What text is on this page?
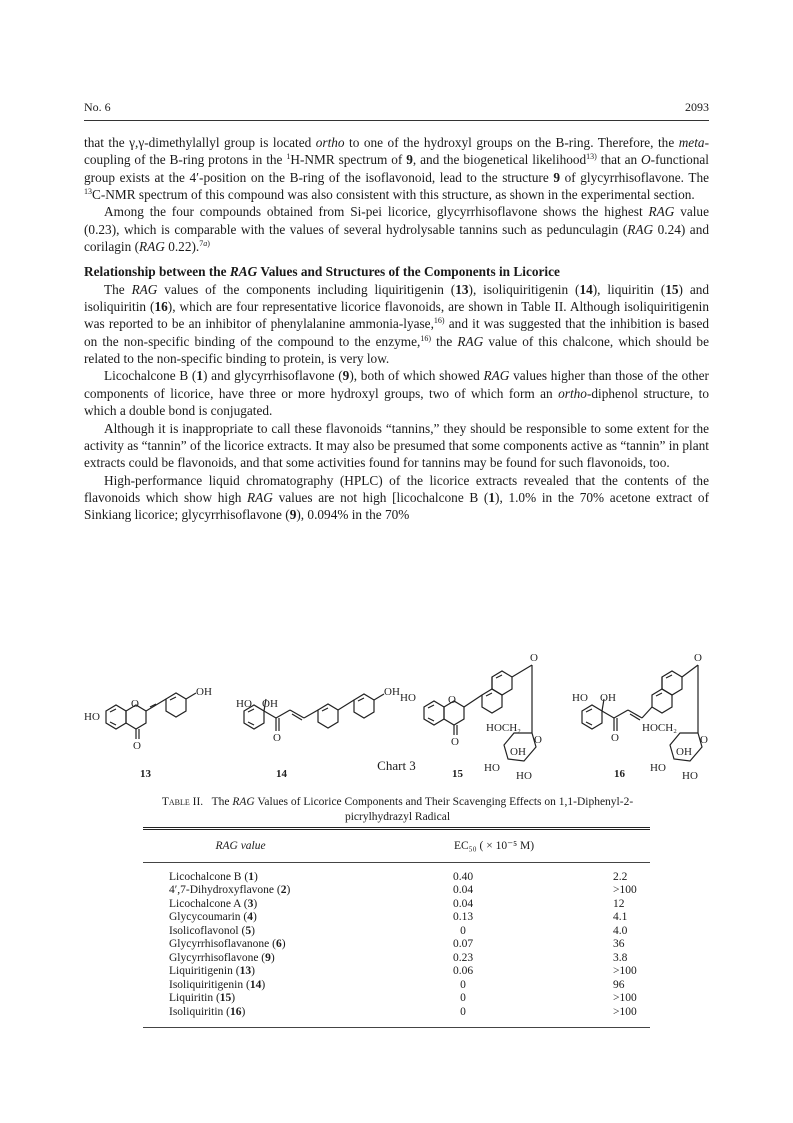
No. 6	2093

that the γ,γ-dimethylallyl group is located ortho to one of the hydroxyl groups on the B-ring. Therefore, the meta-coupling of the B-ring protons in the $^1$H-NMR spectrum of 9, and the biogenetical likelihood$^{13)}$ that an O-functional group exists at the 4′-position on the B-ring of the isoflavonoid, lead to the structure 9 of glycyrrhisoflavone. The $^{13}$C-NMR spectrum of this compound was also consistent with this structure, as shown in the experimental section.

Among the four compounds obtained from Si-pei licorice, glycyrrhisoflavone shows the highest RAG value (0.23), which is comparable with the values of several hydrolysable tannins such as pedunculagin (RAG 0.24) and corilagin (RAG 0.22).$^{7a)}$

Relationship between the RAG Values and Structures of the Components in Licorice

The RAG values of the components including liquiritigenin (13), isoliquiritigenin (14), liquiritin (15) and isoliquiritin (16), which are four representative licorice flavonoids, are shown in Table II. Although isoliquiritigenin was reported to be an inhibitor of phenylalanine ammonia-lyase,$^{16)}$ and it was suggested that the inhibition is based on the non-specific binding of the compound to the enzyme,$^{16)}$ the RAG value of this chalcone, which should be related to the non-specific binding to protein, is very low.

Licochalcone B (1) and glycyrrhisoflavone (9), both of which showed RAG values higher than those of the other components of licorice, have three or more hydroxyl groups, two of which form an ortho-diphenol structure, to which a double bond is conjugated.

Although it is inappropriate to call these flavonoids “tannins,” they should be responsible to some extent for the activity as “tannin” of the licorice extracts. It may also be presumed that some components active as “tannin” in plant extracts could be flavonoids, and that some activities found for tannins may be found for such flavonoids, too.

High-performance liquid chromatography (HPLC) of the licorice extracts revealed that the contents of the flavonoids which show high RAG values are not high [licochalcone B (1), 1.0% in the 70% acetone extract of Sinkiang licorice; glycyrrhisoflavone (9), 0.094% in the 70%

HO
O
O
OH
13
HO OH
O
OH
14
HO	O
O
O
HOCH₂
O
OH
HO
HO
15
HO OH
O
O
HOCH₂
O
OH
HO
HO
16
Chart 3
Table II. The RAG Values of Licorice Components and Their Scavenging Effects on 1,1-Diphenyl-2-picrylhydrazyl Radical
	RAG value	EC₅₀ ( × 10⁻⁵ M)
Licochalcone B (1)	0.40	2.2
4′,7-Dihydroxyflavone (2)	0.04	>100
Licochalcone A (3)	0.04	12
Glycycoumarin (4)	0.13	4.1
Isolicoflavonol (5)	0	4.0
Glycyrrhisoflavanone (6)	0.07	36
Glycyrrhisoflavone (9)	0.23	3.8
Liquiritigenin (13)	0.06	>100
Isoliquiritigenin (14)	0	96
Liquiritin (15)	0	>100
Isoliquiritin (16)	0	>100
